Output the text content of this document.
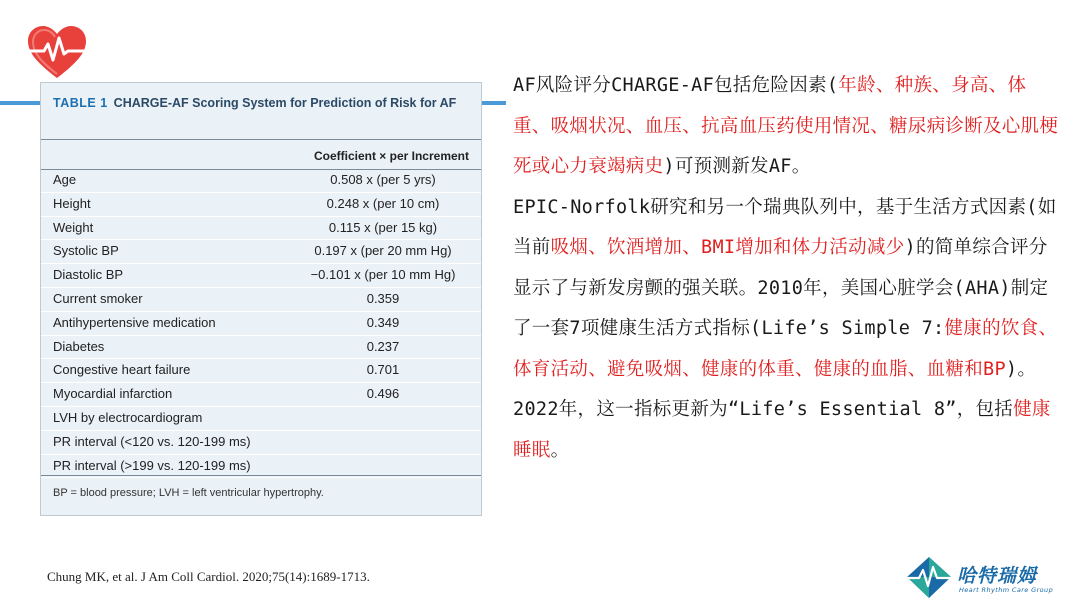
TABLE 1 CHARGE-AF Scoring System for Prediction of Risk for AF
Coefficient × per Increment
Age	0.508 x (per 5 yrs)
Height	0.248 x (per 10 cm)
Weight	0.115 x (per 15 kg)
Systolic BP	0.197 x (per 20 mm Hg)
Diastolic BP	−0.101 x (per 10 mm Hg)
Current smoker	0.359
Antihypertensive medication	0.349
Diabetes	0.237
Congestive heart failure	0.701
Myocardial infarction	0.496
LVH by electrocardiogram
PR interval (<120 vs. 120-199 ms)
PR interval (>199 vs. 120-199 ms)
BP = blood pressure; LVH = left ventricular hypertrophy.
Chung MK, et al. J Am Coll Cardiol. 2020;75(14):1689-1713.

AF风险评分CHARGE-AF包括危险因素(年龄、种族、身高、体重、吸烟状况、血压、抗高血压药使用情况、糖尿病诊断及心肌梗死或心力衰竭病史)可预测新发AF。

EPIC-Norfolk研究和另一个瑞典队列中，基于生活方式因素(如当前吸烟、饮酒增加、BMI增加和体力活动减少)的简单综合评分显示了与新发房颤的强关联。2010年，美国心脏学会(AHA)制定了一套7项健康生活方式指标(Life’s Simple 7:健康的饮食、体育活动、避免吸烟、健康的体重、健康的血脂、血糖和BP)。2022年，这一指标更新为“Life’s Essential 8”，包括健康睡眠。

哈特瑞姆
Heart Rhythm Care Group
